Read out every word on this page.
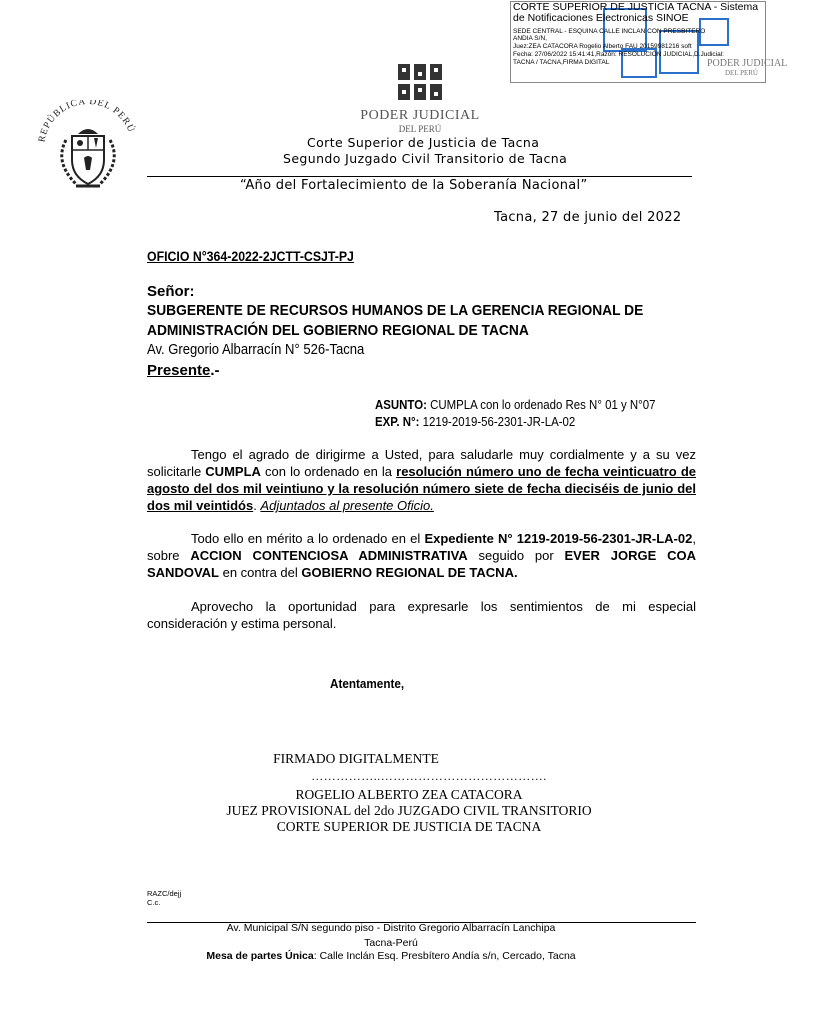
CORTE SUPERIOR DE JUSTICIA TACNA - Sistema
de Notificaciones Electronicas SINOE
SEDE CENTRAL - ESQUINA CALLE INCLAN CON PRESBITERO
ANDIA S/N,
Juez:ZEA CATACORA Rogelio Alberto FAU 20159981216 soft
Fecha: 27/06/2022 15:41:41,Razón: RESOLUCIÓN JUDICIAL,D.Judicial:
TACNA / TACNA,FIRMA DIGITAL	PODER JUDICIAL
DEL PERÚ
REPÚBLICA DEL PERÚ
PODER JUDICIAL
DEL PERÚ
Corte Superior de Justicia de Tacna
Segundo Juzgado Civil Transitorio de Tacna
“Año del Fortalecimiento de la Soberanía Nacional”
Tacna, 27 de junio del 2022
OFICIO N°364-2022-2JCTT-CSJT-PJ
Señor:
SUBGERENTE DE RECURSOS HUMANOS DE LA GERENCIA REGIONAL DE
ADMINISTRACIÓN DEL GOBIERNO REGIONAL DE TACNA
Av. Gregorio Albarracín N° 526-Tacna
Presente.-
ASUNTO: CUMPLA con lo ordenado Res N° 01 y N°07
EXP. N°: 1219-2019-56-2301-JR-LA-02
Tengo el agrado de dirigirme a Usted, para saludarle muy cordialmente y a su vez solicitarle CUMPLA con lo ordenado en la resolución número uno de fecha veinticuatro de agosto del dos mil veintiuno y la resolución número siete de fecha dieciséis de junio del dos mil veintidós. Adjuntados al presente Oficio.
Todo ello en mérito a lo ordenado en el Expediente N° 1219-2019-56-2301-JR-LA-02, sobre ACCION CONTENCIOSA ADMINISTRATIVA seguido por EVER JORGE COA SANDOVAL en contra del GOBIERNO REGIONAL DE TACNA.
Aprovecho la oportunidad para expresarle los sentimientos de mi especial consideración y estima personal.
Atentamente,
FIRMADO DIGITALMENTE
……………..………………………………….
ROGELIO ALBERTO ZEA CATACORA
JUEZ PROVISIONAL del 2do JUZGADO CIVIL TRANSITORIO
CORTE SUPERIOR DE JUSTICIA DE TACNA
RAZC/dejj
C.c.
Av. Municipal S/N segundo piso - Distrito Gregorio Albarracín Lanchipa
Tacna-Perú
Mesa de partes Única: Calle Inclán Esq. Presbítero Andía s/n, Cercado, Tacna
